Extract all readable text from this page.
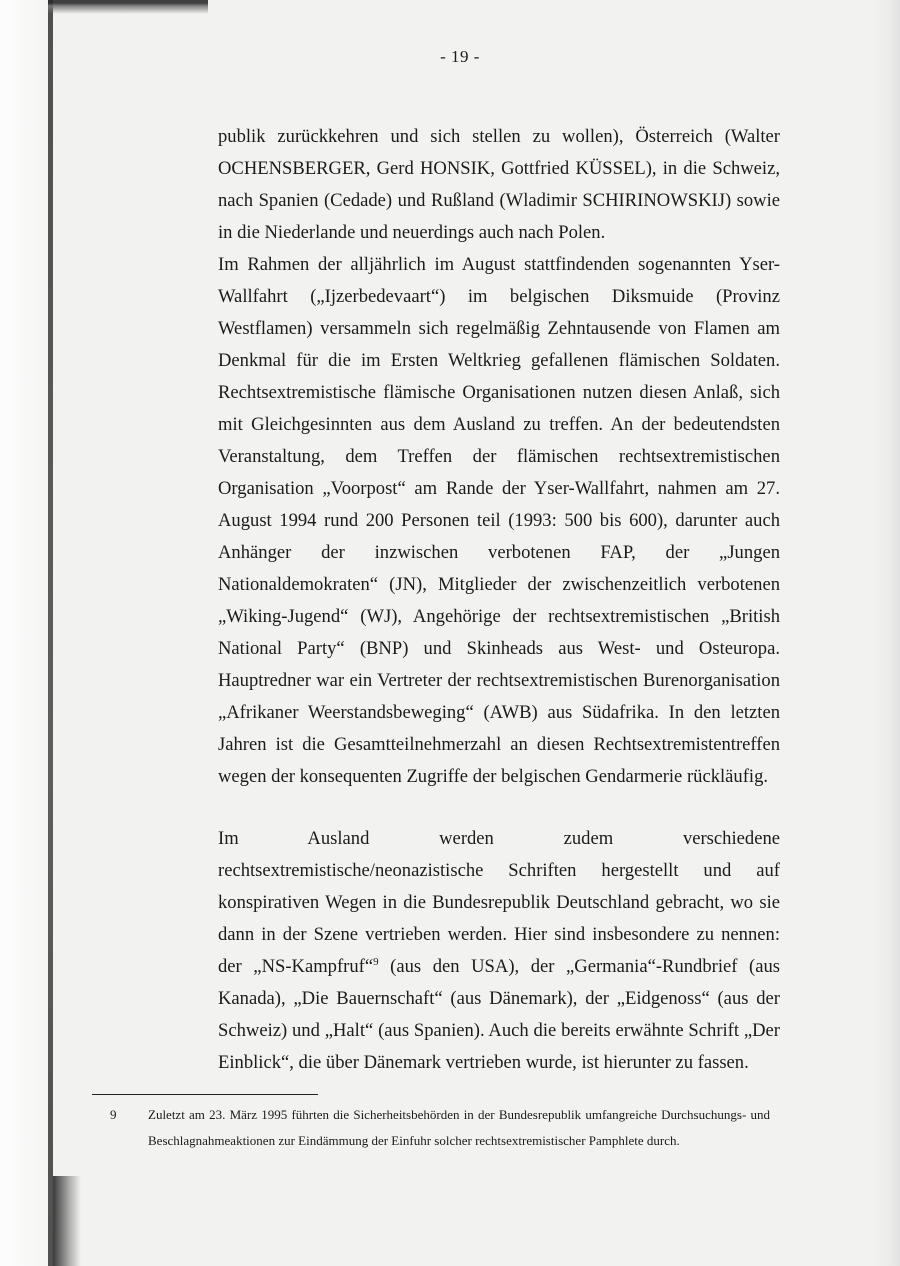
- 19 -

publik zurückkehren und sich stellen zu wollen), Österreich (Walter OCHENSBERGER, Gerd HONSIK, Gottfried KÜSSEL), in die Schweiz, nach Spanien (Cedade) und Rußland (Wladimir SCHIRINOWSKIJ) sowie in die Niederlande und neuerdings auch nach Polen.

Im Rahmen der alljährlich im August stattfindenden sogenannten Yser-Wallfahrt („Ijzerbedevaart“) im belgischen Diksmuide (Provinz Westflamen) versammeln sich regelmäßig Zehntausende von Flamen am Denkmal für die im Ersten Weltkrieg gefallenen flämischen Soldaten. Rechtsextremistische flämische Organisationen nutzen diesen Anlaß, sich mit Gleichgesinnten aus dem Ausland zu treffen. An der bedeutendsten Veranstaltung, dem Treffen der flämischen rechtsextremistischen Organisation „Voorpost“ am Rande der Yser-Wallfahrt, nahmen am 27. August 1994 rund 200 Personen teil (1993: 500 bis 600), darunter auch Anhänger der inzwischen verbotenen FAP, der „Jungen Nationaldemokraten“ (JN), Mitglieder der zwischenzeitlich verbotenen „Wiking-Jugend“ (WJ), Angehörige der rechtsextremistischen „British National Party“ (BNP) und Skinheads aus West- und Osteuropa. Hauptredner war ein Vertreter der rechtsextremistischen Burenorganisation „Afrikaner Weerstandsbeweging“ (AWB) aus Südafrika. In den letzten Jahren ist die Gesamtteilnehmerzahl an diesen Rechtsextremistentreffen wegen der konsequenten Zugriffe der belgischen Gendarmerie rückläufig.

Im Ausland werden zudem verschiedene rechtsextremistische/neonazistische Schriften hergestellt und auf konspirativen Wegen in die Bundesrepublik Deutschland gebracht, wo sie dann in der Szene vertrieben werden. Hier sind insbesondere zu nennen: der „NS-Kampfruf“$^9$ (aus den USA), der „Germania“-Rundbrief (aus Kanada), „Die Bauernschaft“ (aus Dänemark), der „Eidgenoss“ (aus der Schweiz) und „Halt“ (aus Spanien). Auch die bereits erwähnte Schrift „Der Einblick“, die über Dänemark vertrieben wurde, ist hierunter zu fassen.

9 Zuletzt am 23. März 1995 führten die Sicherheitsbehörden in der Bundesrepublik umfangreiche Durchsuchungs- und Beschlagnahmeaktionen zur Eindämmung der Einfuhr solcher rechtsextremistischer Pamphlete durch.
